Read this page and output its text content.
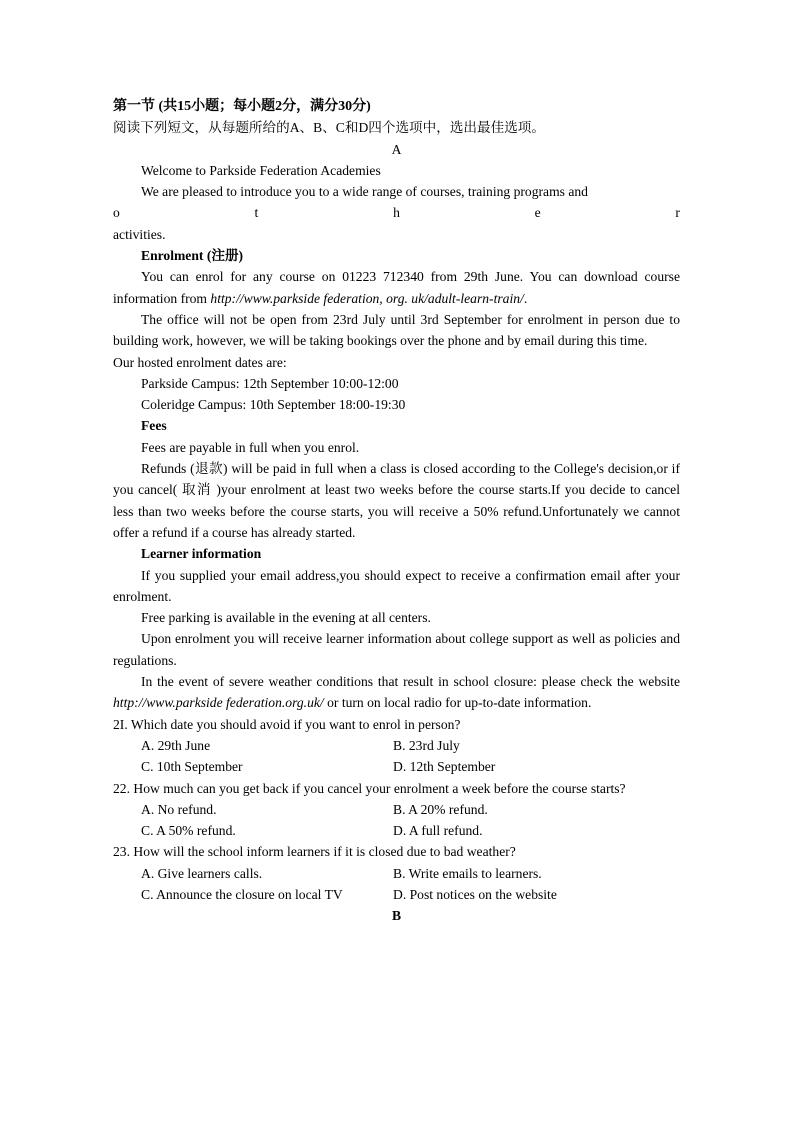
第一节 (共15小题；每小题2分，满分30分)

阅读下列短文，从每题所给的A、B、C和D四个选项中，选出最佳选项。

A

Welcome to Parkside Federation Academies

We are pleased to introduce you to a wide range of courses, training programs and

o	t	h	e	r

activities.

Enrolment (注册)

You can enrol for any course on 01223 712340 from 29th June. You can download course information from http://www.parkside federation, org. uk/adult-learn-train/.

The office will not be open from 23rd July until 3rd September for enrolment in person due to building work, however, we will be taking bookings over the phone and by email during this time.

Our hosted enrolment dates are:

Parkside Campus: 12th September 10:00-12:00

Coleridge Campus: 10th September 18:00-19:30

Fees

Fees are payable in full when you enrol.

Refunds (退款) will be paid in full when a class is closed according to the College's decision,or if you cancel( 取消 )your enrolment at least two weeks before the course starts.If you decide to cancel less than two weeks before the course starts, you will receive a 50% refund.Unfortunately we cannot offer a refund if a course has already started.

Learner information

If you supplied your email address,you should expect to receive a confirmation email after your enrolment.

Free parking is available in the evening at all centers.

Upon enrolment you will receive learner information about college support as well as policies and regulations.

In the event of severe weather conditions that result in school closure: please check the website http://www.parkside federation.org.uk/ or turn on local radio for up-to-date information.

2I. Which date you should avoid if you want to enrol in person?

A. 29th June	B. 23rd July
C. 10th September	D. 12th September

22. How much can you get back if you cancel your enrolment a week before the course starts?

A. No refund.	B. A 20% refund.
C. A 50% refund.	D. A full refund.

23. How will the school inform learners if it is closed due to bad weather?

A. Give learners calls.	B. Write emails to learners.
C. Announce the closure on local TV	D. Post notices on the website

B
